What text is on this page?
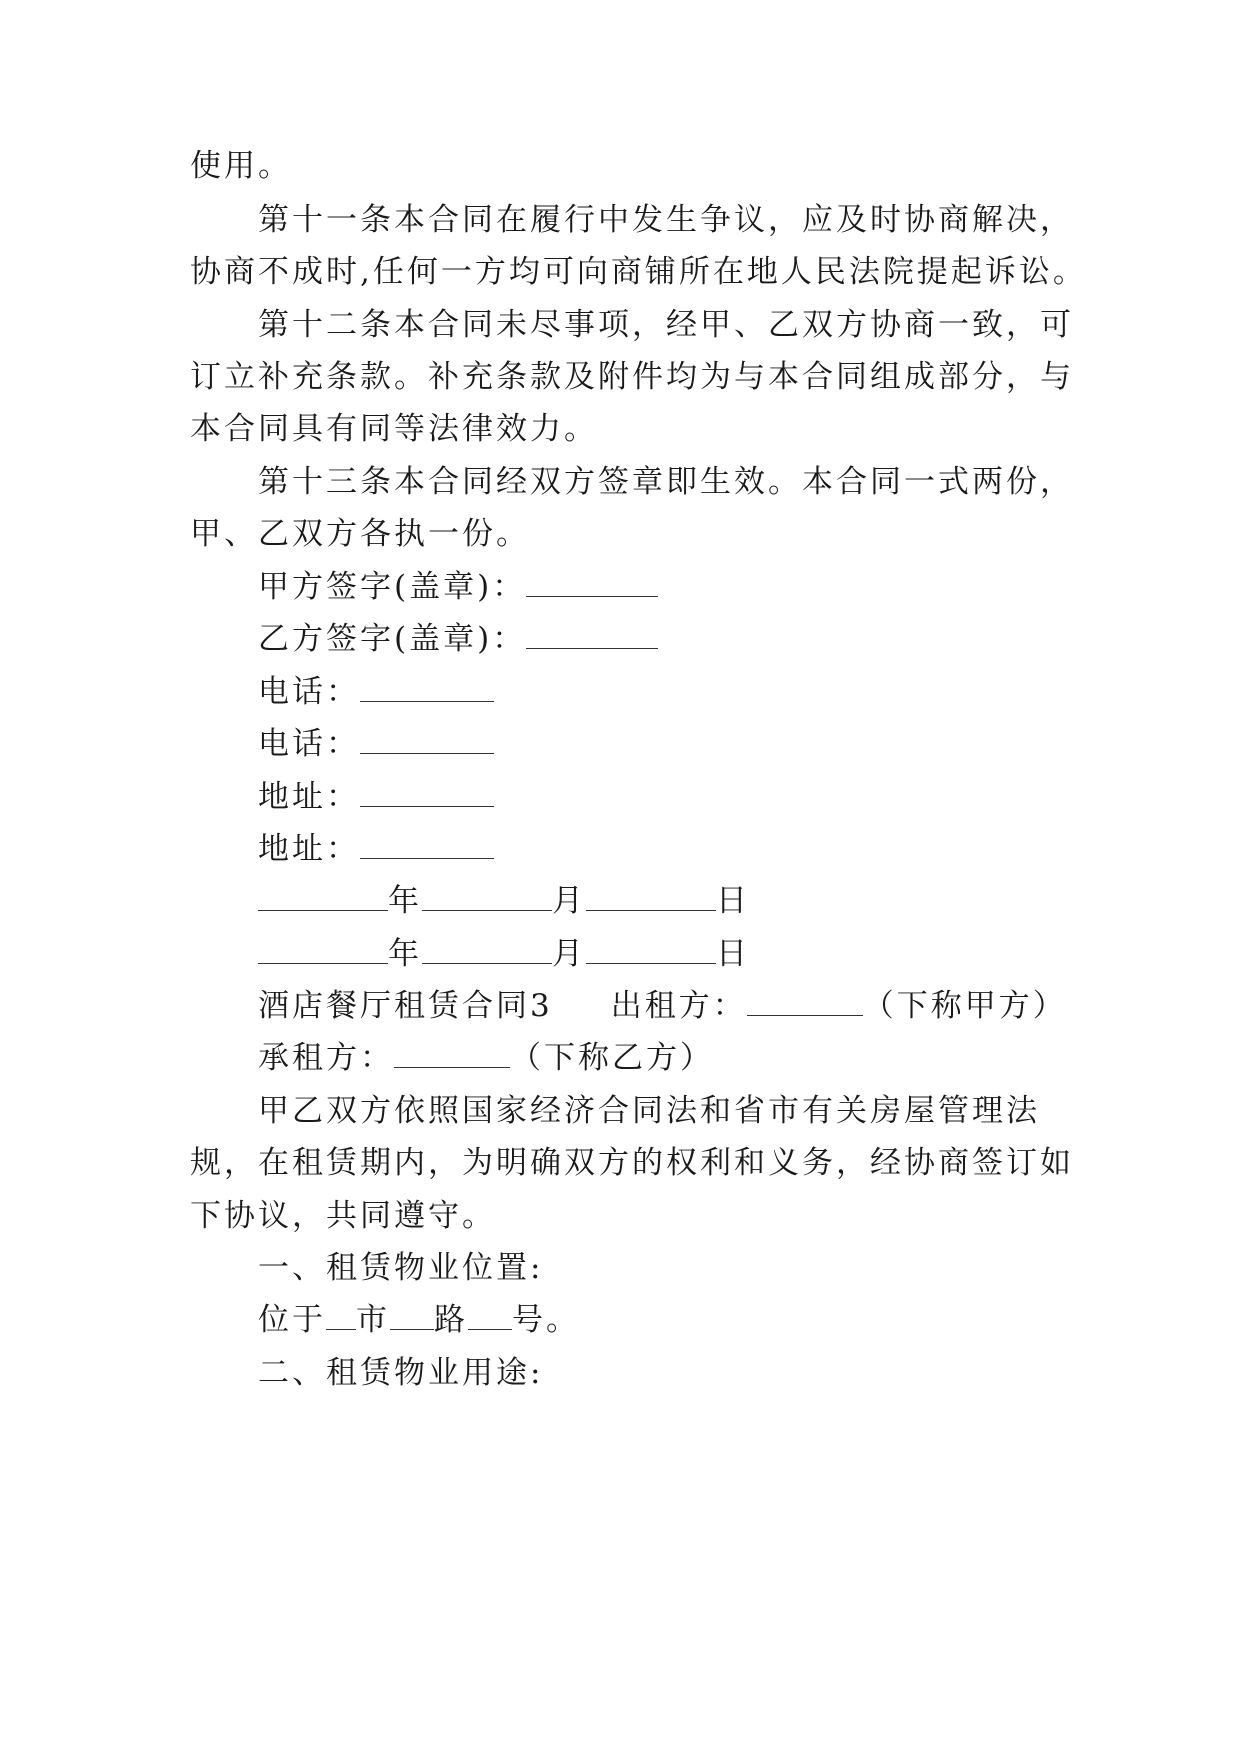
使用。
第十一条本合同在履行中发生争议，应及时协商解决，
协商不成时,任何一方均可向商铺所在地人民法院提起诉讼。
第十二条本合同未尽事项，经甲、乙双方协商一致，可
订立补充条款。补充条款及附件均为与本合同组成部分，与
本合同具有同等法律效力。
第十三条本合同经双方签章即生效。本合同一式两份，
甲、乙双方各执一份。
甲方签字(盖章)：
乙方签字(盖章)：
电话：
电话：
地址：
地址：
年	月	日
年	月	日
酒店餐厅租赁合同3 出租方：	（下称甲方）
承租方：	（下称乙方）
甲乙双方依照国家经济合同法和省市有关房屋管理法
规，在租赁期内，为明确双方的权利和义务，经协商签订如
下协议，共同遵守。
一、租赁物业位置:
位于 市 路 号。
二、租赁物业用途:
